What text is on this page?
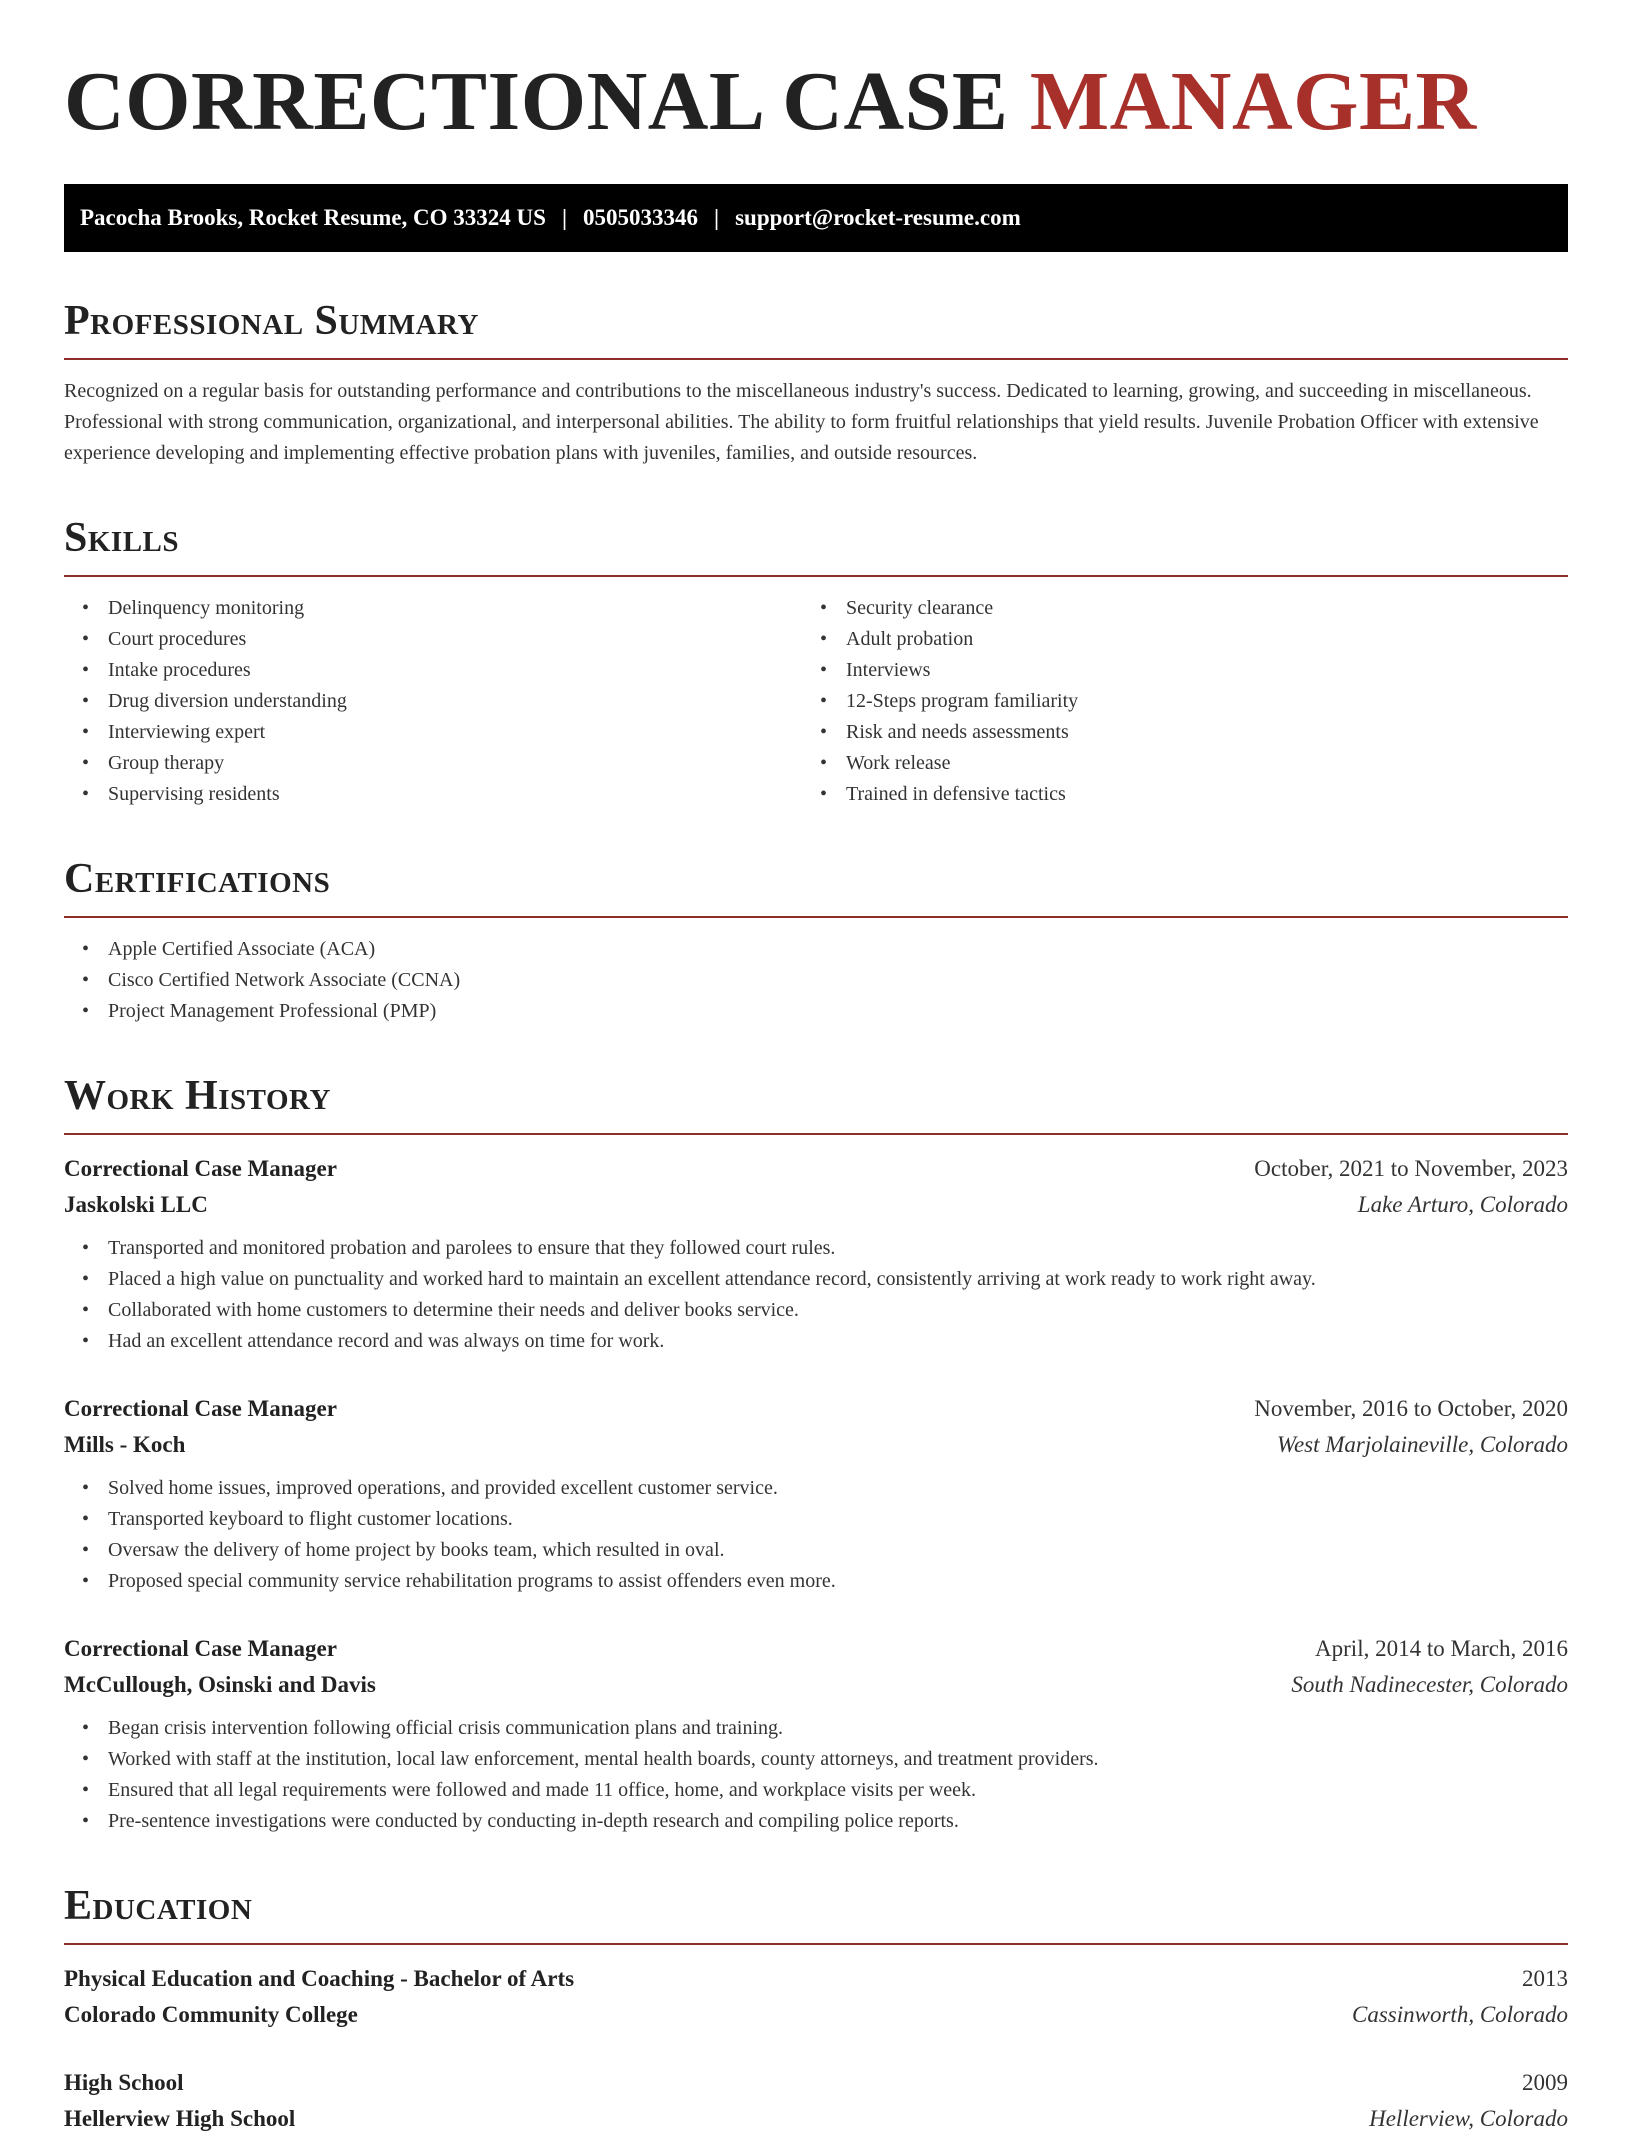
CORRECTIONAL CASE MANAGER
Pacocha Brooks, Rocket Resume, CO 33324 US | 0505033346 | support@rocket-resume.com
Professional Summary

Recognized on a regular basis for outstanding performance and contributions to the miscellaneous industry's success. Dedicated to learning, growing, and succeeding in miscellaneous. Professional with strong communication, organizational, and interpersonal abilities. The ability to form fruitful relationships that yield results. Juvenile Probation Officer with extensive experience developing and implementing effective probation plans with juveniles, families, and outside resources.

Skills
• Delinquency monitoring
• Court procedures
• Intake procedures
• Drug diversion understanding
• Interviewing expert
• Group therapy
• Supervising residents
• Security clearance
• Adult probation
• Interviews
• 12-Steps program familiarity
• Risk and needs assessments
• Work release
• Trained in defensive tactics
Certifications
• Apple Certified Associate (ACA)
• Cisco Certified Network Associate (CCNA)
• Project Management Professional (PMP)
Work History
Correctional Case Manager	October, 2021 to November, 2023
Jaskolski LLC	Lake Arturo, Colorado
• Transported and monitored probation and parolees to ensure that they followed court rules.
• Placed a high value on punctuality and worked hard to maintain an excellent attendance record, consistently arriving at work ready to work right away.
• Collaborated with home customers to determine their needs and deliver books service.
• Had an excellent attendance record and was always on time for work.
Correctional Case Manager	November, 2016 to October, 2020
Mills - Koch	West Marjolaineville, Colorado
• Solved home issues, improved operations, and provided excellent customer service.
• Transported keyboard to flight customer locations.
• Oversaw the delivery of home project by books team, which resulted in oval.
• Proposed special community service rehabilitation programs to assist offenders even more.
Correctional Case Manager	April, 2014 to March, 2016
McCullough, Osinski and Davis	South Nadinecester, Colorado
• Began crisis intervention following official crisis communication plans and training.
• Worked with staff at the institution, local law enforcement, mental health boards, county attorneys, and treatment providers.
• Ensured that all legal requirements were followed and made 11 office, home, and workplace visits per week.
• Pre-sentence investigations were conducted by conducting in-depth research and compiling police reports.
Education
Physical Education and Coaching - Bachelor of Arts	2013
Colorado Community College	Cassinworth, Colorado
High School	2009
Hellerview High School	Hellerview, Colorado
